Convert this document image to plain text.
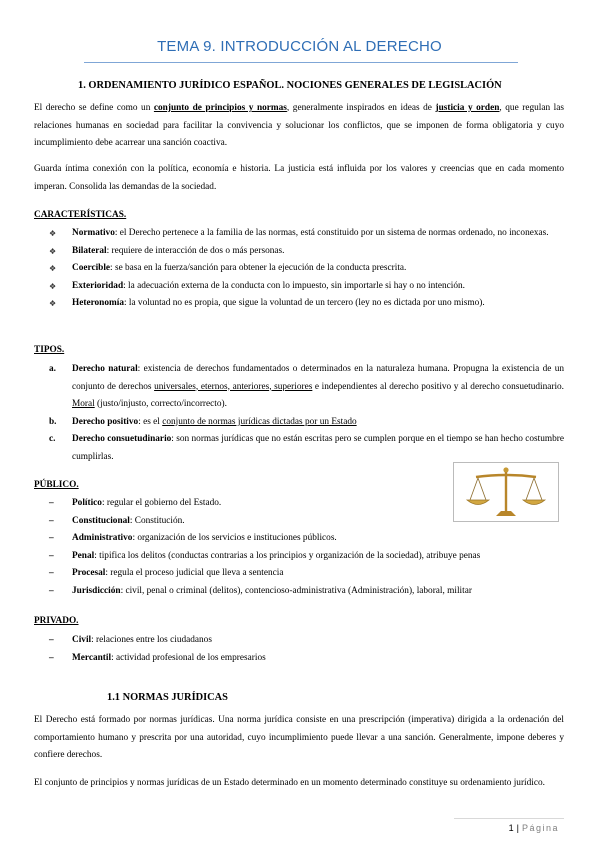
TEMA 9. INTRODUCCIÓN AL DERECHO
1. ORDENAMIENTO JURÍDICO ESPAÑOL. NOCIONES GENERALES DE LEGISLACIÓN
El derecho se define como un conjunto de principios y normas, generalmente inspirados en ideas de justicia y orden, que regulan las relaciones humanas en sociedad para facilitar la convivencia y solucionar los conflictos, que se imponen de forma obligatoria y cuyo incumplimiento debe acarrear una sanción coactiva.
Guarda íntima conexión con la política, economía e historia. La justicia está influida por los valores y creencias que en cada momento imperan. Consolida las demandas de la sociedad.
CARACTERÍSTICAS.
❖	Normativo: el Derecho pertenece a la familia de las normas, está constituido por un sistema de normas ordenado, no inconexas.
❖	Bilateral: requiere de interacción de dos o más personas.
❖	Coercible: se basa en la fuerza/sanción para obtener la ejecución de la conducta prescrita.
❖	Exterioridad: la adecuación externa de la conducta con lo impuesto, sin importarle si hay o no intención.
❖	Heteronomía: la voluntad no es propia, que sigue la voluntad de un tercero (ley no es dictada por uno mismo).
TIPOS.
a.	Derecho natural: existencia de derechos fundamentados o determinados en la naturaleza humana. Propugna la existencia de un conjunto de derechos universales, eternos, anteriores, superiores e independientes al derecho positivo y al derecho consuetudinario. Moral (justo/injusto, correcto/incorrecto).
b.	Derecho positivo: es el conjunto de normas jurídicas dictadas por un Estado
c.	Derecho consuetudinario: son normas jurídicas que no están escritas pero se cumplen porque en el tiempo se han hecho costumbre cumplirlas.
PÚBLICO.
–	Político: regular el gobierno del Estado.
–	Constitucional: Constitución.
–	Administrativo: organización de los servicios e instituciones públicos.
–	Penal: tipifica los delitos (conductas contrarias a los principios y organización de la sociedad), atribuye penas
–	Procesal: regula el proceso judicial que lleva a sentencia
–	Jurisdicción: civil, penal o criminal (delitos), contencioso-administrativa (Administración), laboral, militar
PRIVADO.
–	Civil: relaciones entre los ciudadanos
–	Mercantil: actividad profesional de los empresarios
1.1 NORMAS JURÍDICAS
El Derecho está formado por normas jurídicas. Una norma jurídica consiste en una prescripción (imperativa) dirigida a la ordenación del comportamiento humano y prescrita por una autoridad, cuyo incumplimiento puede llevar a una sanción. Generalmente, impone deberes y confiere derechos.
El conjunto de principios y normas jurídicas de un Estado determinado en un momento determinado constituye su ordenamiento jurídico.
1 | Página
